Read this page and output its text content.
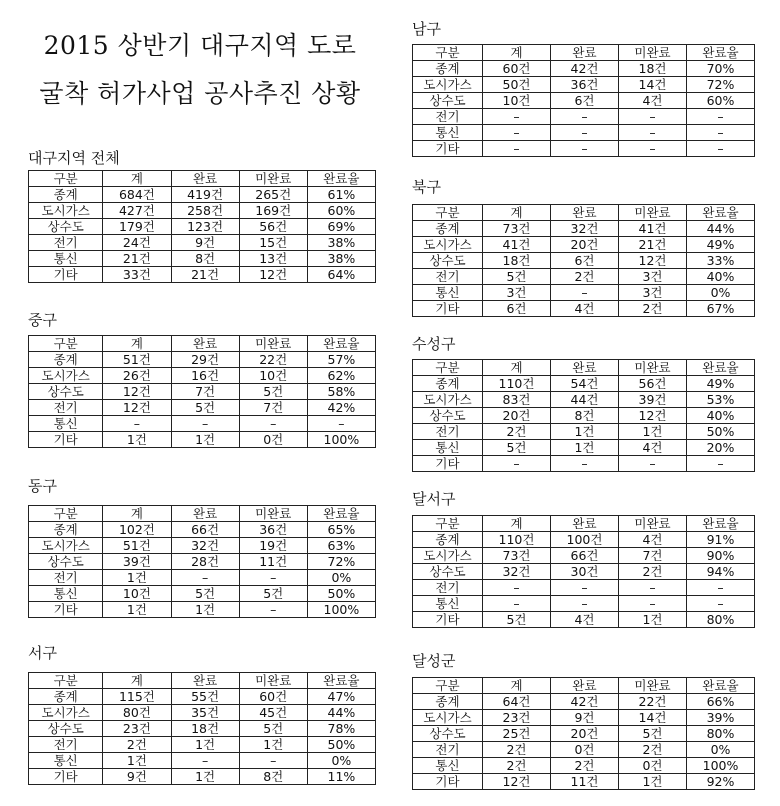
2015 상반기 대구지역 도로
굴착 허가사업 공사추진 상황
대구지역 전체
구분	계	완료	미완료	완료율
종계	684건	419건	265건	61%
도시가스	427건	258건	169건	60%
상수도	179건	123건	56건	69%
전기	24건	9건	15건	38%
통신	21건	8건	13건	38%
기타	33건	21건	12건	64%
중구
구분	계	완료	미완료	완료율
종계	51건	29건	22건	57%
도시가스	26건	16건	10건	62%
상수도	12건	7건	5건	58%
전기	12건	5건	7건	42%
통신	–	–	–	–
기타	1건	1건	0건	100%
동구
구분	계	완료	미완료	완료율
종계	102건	66건	36건	65%
도시가스	51건	32건	19건	63%
상수도	39건	28건	11건	72%
전기	1건	–	–	0%
통신	10건	5건	5건	50%
기타	1건	1건	–	100%
서구
구분	계	완료	미완료	완료율
종계	115건	55건	60건	47%
도시가스	80건	35건	45건	44%
상수도	23건	18건	5건	78%
전기	2건	1건	1건	50%
통신	1건	–	–	0%
기타	9건	1건	8건	11%
남구
구분	계	완료	미완료	완료율
종계	60건	42건	18건	70%
도시가스	50건	36건	14건	72%
상수도	10건	6건	4건	60%
전기	–	–	–	–
통신	–	–	–	–
기타	–	–	–	–
북구
구분	계	완료	미완료	완료율
종계	73건	32건	41건	44%
도시가스	41건	20건	21건	49%
상수도	18건	6건	12건	33%
전기	5건	2건	3건	40%
통신	3건	–	3건	0%
기타	6건	4건	2건	67%
수성구
구분	계	완료	미완료	완료율
종계	110건	54건	56건	49%
도시가스	83건	44건	39건	53%
상수도	20건	8건	12건	40%
전기	2건	1건	1건	50%
통신	5건	1건	4건	20%
기타	–	–	–	–
달서구
구분	계	완료	미완료	완료율
종계	110건	100건	4건	91%
도시가스	73건	66건	7건	90%
상수도	32건	30건	2건	94%
전기	–	–	–	–
통신	–	–	–	–
기타	5건	4건	1건	80%
달성군
구분	계	완료	미완료	완료율
종계	64건	42건	22건	66%
도시가스	23건	9건	14건	39%
상수도	25건	20건	5건	80%
전기	2건	0건	2건	0%
통신	2건	2건	0건	100%
기타	12건	11건	1건	92%
